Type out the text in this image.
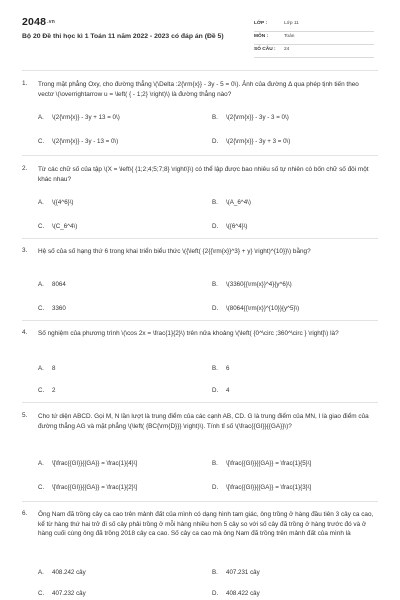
2048.vn
Bộ 20 Đề thi học kì 1 Toán 11 năm 2022 - 2023 có đáp án (Đề 5)
LỚP :	Lớp 11
MÔN :	Toán
SỐ CÂU : 24
1. Trong mặt phẳng Oxy, cho đường thẳng \(\Delta :2{\rm{x}} - 3y - 5 = 0\). Ảnh của đường Δ qua phép tịnh tiến theo vectơ \(\overrightarrow u = \left( { - 1;2} \right)\) là đường thẳng nào?
A. \(2{\rm{x}} - 3y + 13 = 0\)	B. \(2{\rm{x}} - 3y - 3 = 0\)
C. \(2{\rm{x}} - 3y - 13 = 0\)	D. \(2{\rm{x}} - 3y + 3 = 0\)
2. Từ các chữ số của tập \(X = \left\{ {1;2;4;5;7;8} \right\}\) có thể lập được bao nhiêu số tự nhiên có bốn chữ số đôi một khác nhau?
A. \({4^6}\)	B. \(A_6^4\)
C. \(C_6^4\)	D. \({6^4}\)
3. Hệ số của số hạng thứ 6 trong khai triển biểu thức \({\left( {2{{\rm{x}}^3} + y} \right)^{10}}\) bằng?
A. 8064	B. \(3360{{\rm{x}}^4}{y^6}\)
C. 3360	D. \(8064{{\rm{x}}^{10}}{y^5}\)
4. Số nghiệm của phương trình \(\cos 2x = \frac{1}{2}\) trên nửa khoảng \(\left( {0^\circ ;360^\circ } \right]\) là?
A. 8	B. 6
C. 2	D. 4
5. Cho tứ diện ABCD. Gọi M, N lần lượt là trung điểm của các cạnh AB, CD. G là trung điểm của MN, I là giao điểm của đường thẳng AG và mặt phẳng \(\left( {BC{\rm{D}}} \right)\). Tính tỉ số \(\frac{{GI}}{{GA}}\)?
A. \[\frac{{GI}}{{GA}} = \frac{1}{4}\]	B. \[\frac{{GI}}{{GA}} = \frac{1}{5}\]
C. \[\frac{{GI}}{{GA}} = \frac{1}{2}\]	D. \[\frac{{GI}}{{GA}} = \frac{1}{3}\]
6. Ông Nam đã trồng cây ca cao trên mảnh đất của mình có dạng hình tam giác, ông trồng ở hàng đầu tiên 3 cây ca cao, kể từ hàng thứ hai trở đi số cây phải trồng ở mỗi hàng nhiều hơn 5 cây so với số cây đã trồng ở hàng trước đó và ở hàng cuối cùng ông đã trồng 2018 cây ca cao. Số cây ca cao mà ông Nam đã trồng trên mảnh đất của mình là
A. 408.242 cây	B. 407.231 cây
C. 407.232 cây	D. 408.422 cây
